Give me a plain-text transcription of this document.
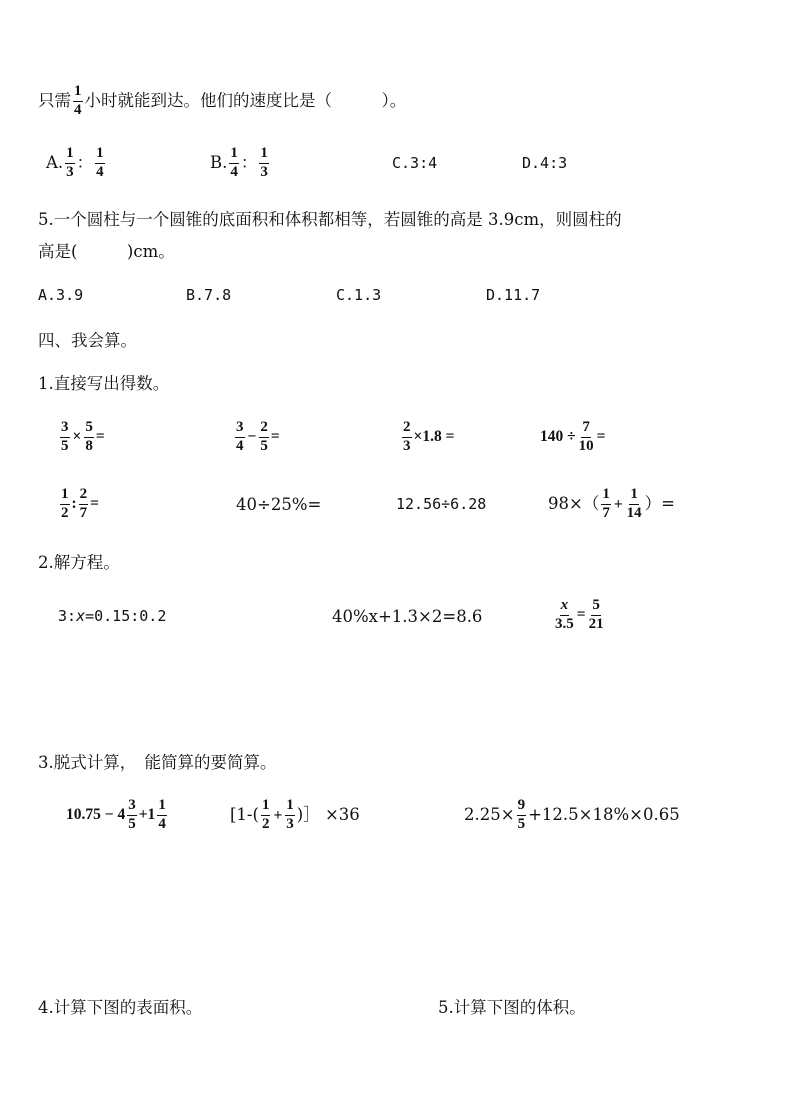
只需 $\frac{1}{4}$ 小时就能到达。他们的速度比是（　　　）。
A. $\frac{1}{3}$ ： $\frac{1}{4}$	B. $\frac{1}{4}$ ： $\frac{1}{3}$	C.3:4	D.4:3
5.一个圆柱与一个圆锥的底面积和体积都相等，若圆锥的高是 3.9cm，则圆柱的
高是(　　　)cm。
A.3.9	B.7.8	C.1.3	D.11.7
四、我会算。
1.直接写出得数。
$\frac{3}{5} \times \frac{5}{8}$ =	$\frac{3}{4} - \frac{2}{5}$ =	$\frac{2}{3} \times 1.8$ =	$140 \div \frac{7}{10}$ =
$\frac{1}{2}$ : $\frac{2}{7}$ =	40÷25%=	12.56÷6.28	$98\times( \frac{1}{7} + \frac{1}{14}$ ）=
2.解方程。
3:x=0.15:0.2	40%x+1.3×2=8.6	$\frac{x}{3.5} = \frac{5}{21}$
3.脱式计算，　能简算的要简算。
$10.75 - 4 \frac{3}{5} +1 \frac{1}{4}$	[$1-( \frac{1}{2} + \frac{1}{3}$ )］ ×36	$2.25\times \frac{9}{5} +12.5\times 18\%\times 0.65$
4.计算下图的表面积。	5.计算下图的体积。
